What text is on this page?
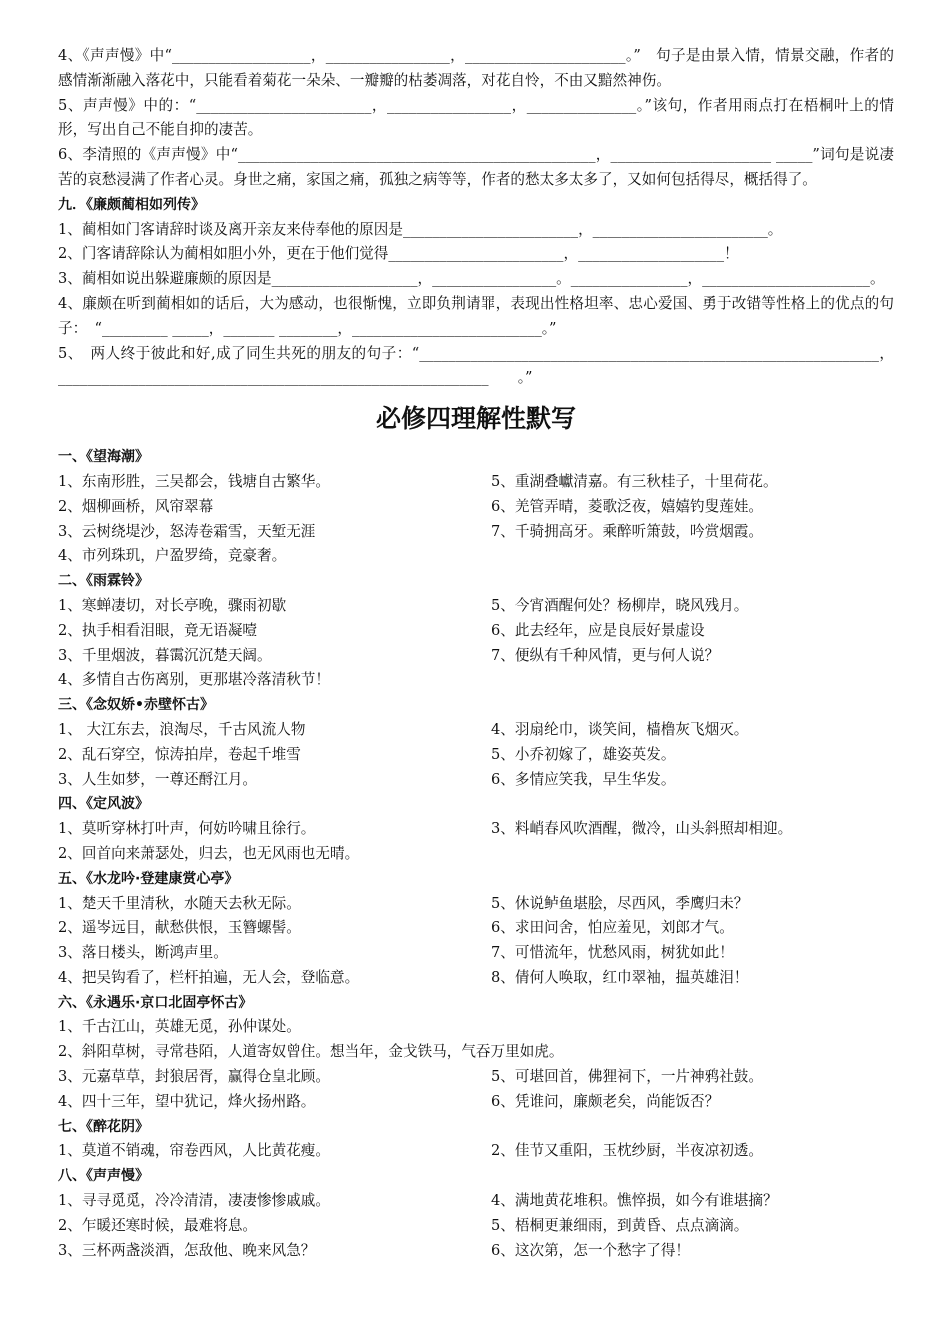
4、《声声慢》中“___________________，_________________，______________________。”　句子是由景入情，情景交融，作者的感情渐渐融入落花中，只能看着菊花一朵朵、一瓣瓣的枯萎凋落，对花自怜，不由又黯然神伤。

5、声声慢》中的：“________________________，_________________，_______________。”该句，作者用雨点打在梧桐叶上的情形，写出自己不能自抑的凄苦。

6、李清照的《声声慢》中“_________________________________________________，______________________ _____”词句是说凄苦的哀愁浸满了作者心灵。身世之痛，家国之痛，孤独之病等等，作者的愁太多太多了，又如何包括得尽，概括得了。

九．《廉颇蔺相如列传》

1、蔺相如门客请辞时谈及离开亲友来侍奉他的原因是________________________，________________________。

2、门客请辞除认为蔺相如胆小外，更在于他们觉得________________________，____________________！

3、蔺相如说出躲避廉颇的原因是____________________，_________________。________________，_______________________。

4、廉颇在听到蔺相如的话后，大为感动，也很惭愧，立即负荆请罪，表现出性格坦率、忠心爱国、勇于改错等性格上的优点的句子：　“_________ _____，_______ ________，__________________________。”

5、　两人终于彼此和好,成了同生共死的朋友的句子：“_______________________________________________________________，___________________________________________________________　　。”

必修四理解性默写

一、《望海潮》

1、东南形胜，三吴都会，钱塘自古繁华。	5、重湖叠巘清嘉。有三秋桂子，十里荷花。
2、烟柳画桥，风帘翠幕	6、羌管弄晴，菱歌泛夜，嬉嬉钓叟莲娃。
3、云树绕堤沙，怒涛卷霜雪，天堑无涯	7、千骑拥高牙。乘醉听箫鼓，吟赏烟霞。
4、市列珠玑，户盈罗绮，竞豪奢。

二、《雨霖铃》

1、寒蝉凄切，对长亭晚，骤雨初歇	5、今宵酒醒何处？杨柳岸，晓风残月。
2、执手相看泪眼，竟无语凝噎	6、此去经年，应是良辰好景虚设
3、千里烟波，暮霭沉沉楚天阔。	7、便纵有千种风情，更与何人说？
4、多情自古伤离别，更那堪冷落清秋节！

三、《念奴娇•赤壁怀古》

1、 大江东去，浪淘尽，千古风流人物	4、羽扇纶巾，谈笑间，樯橹灰飞烟灭。
2、乱石穿空，惊涛拍岸，卷起千堆雪	5、小乔初嫁了，雄姿英发。
3、人生如梦，一尊还酹江月。	6、多情应笑我，早生华发。

四、《定风波》

1、莫听穿林打叶声，何妨吟啸且徐行。	3、料峭春风吹酒醒，微冷，山头斜照却相迎。
2、回首向来萧瑟处，归去，也无风雨也无晴。

五、《水龙吟·登建康赏心亭》

1、楚天千里清秋，水随天去秋无际。	5、休说鲈鱼堪脍，尽西风，季鹰归未？
2、遥岑远目，献愁供恨，玉簪螺髻。	6、求田问舍，怕应羞见，刘郎才气。
3、落日楼头，断鸿声里。	7、可惜流年，忧愁风雨，树犹如此！
4、把吴钩看了，栏杆拍遍，无人会，登临意。	8、倩何人唤取，红巾翠袖，揾英雄泪！

六、《永遇乐·京口北固亭怀古》

1、千古江山，英雄无觅，孙仲谋处。
2、斜阳草树，寻常巷陌，人道寄奴曾住。想当年，金戈铁马，气吞万里如虎。
3、元嘉草草，封狼居胥，赢得仓皇北顾。	5、可堪回首，佛狸祠下，一片神鸦社鼓。
4、四十三年，望中犹记，烽火扬州路。	6、凭谁问，廉颇老矣，尚能饭否？

七、《醉花阴》

1、莫道不销魂，帘卷西风，人比黄花瘦。	2、佳节又重阳，玉枕纱厨，半夜凉初透。

八、《声声慢》

1、寻寻觅觅，冷冷清清，凄凄惨惨戚戚。	4、满地黄花堆积。憔悴损，如今有谁堪摘？
2、乍暖还寒时候，最难将息。	5、梧桐更兼细雨，到黄昏、点点滴滴。
3、三杯两盏淡酒，怎敌他、晚来风急？	6、这次第，怎一个愁字了得！
